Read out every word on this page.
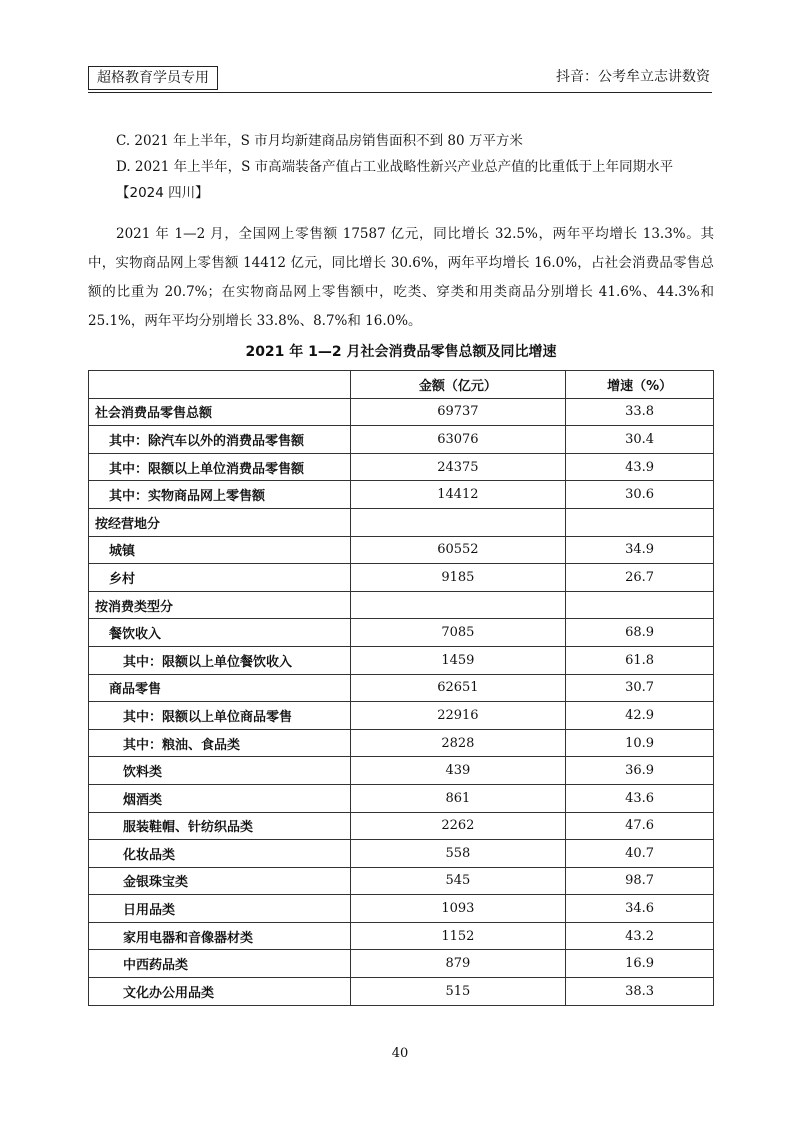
超格教育学员专用	抖音：公考牟立志讲数资

C. 2021 年上半年，S 市月均新建商品房销售面积不到 80 万平方米

D. 2021 年上半年，S 市高端装备产值占工业战略性新兴产业总产值的比重低于上年同期水平

【2024 四川】

2021 年 1—2 月，全国网上零售额 17587 亿元，同比增长 32.5%，两年平均增长 13.3%。其中，实物商品网上零售额 14412 亿元，同比增长 30.6%，两年平均增长 16.0%，占社会消费品零售总额的比重为 20.7%；在实物商品网上零售额中，吃类、穿类和用类商品分别增长 41.6%、44.3%和 25.1%，两年平均分别增长 33.8%、8.7%和 16.0%。

2021 年 1—2 月社会消费品零售总额及同比增速
	金额（亿元）	增速（%）
社会消费品零售总额	69737	33.8
其中：除汽车以外的消费品零售额	63076	30.4
其中：限额以上单位消费品零售额	24375	43.9
其中：实物商品网上零售额	14412	30.6
按经营地分		
城镇	60552	34.9
乡村	9185	26.7
按消费类型分		
餐饮收入	7085	68.9
其中：限额以上单位餐饮收入	1459	61.8
商品零售	62651	30.7
其中：限额以上单位商品零售	22916	42.9
其中：粮油、食品类	2828	10.9
饮料类	439	36.9
烟酒类	861	43.6
服装鞋帽、针纺织品类	2262	47.6
化妆品类	558	40.7
金银珠宝类	545	98.7
日用品类	1093	34.6
家用电器和音像器材类	1152	43.2
中西药品类	879	16.9
文化办公用品类	515	38.3
40
